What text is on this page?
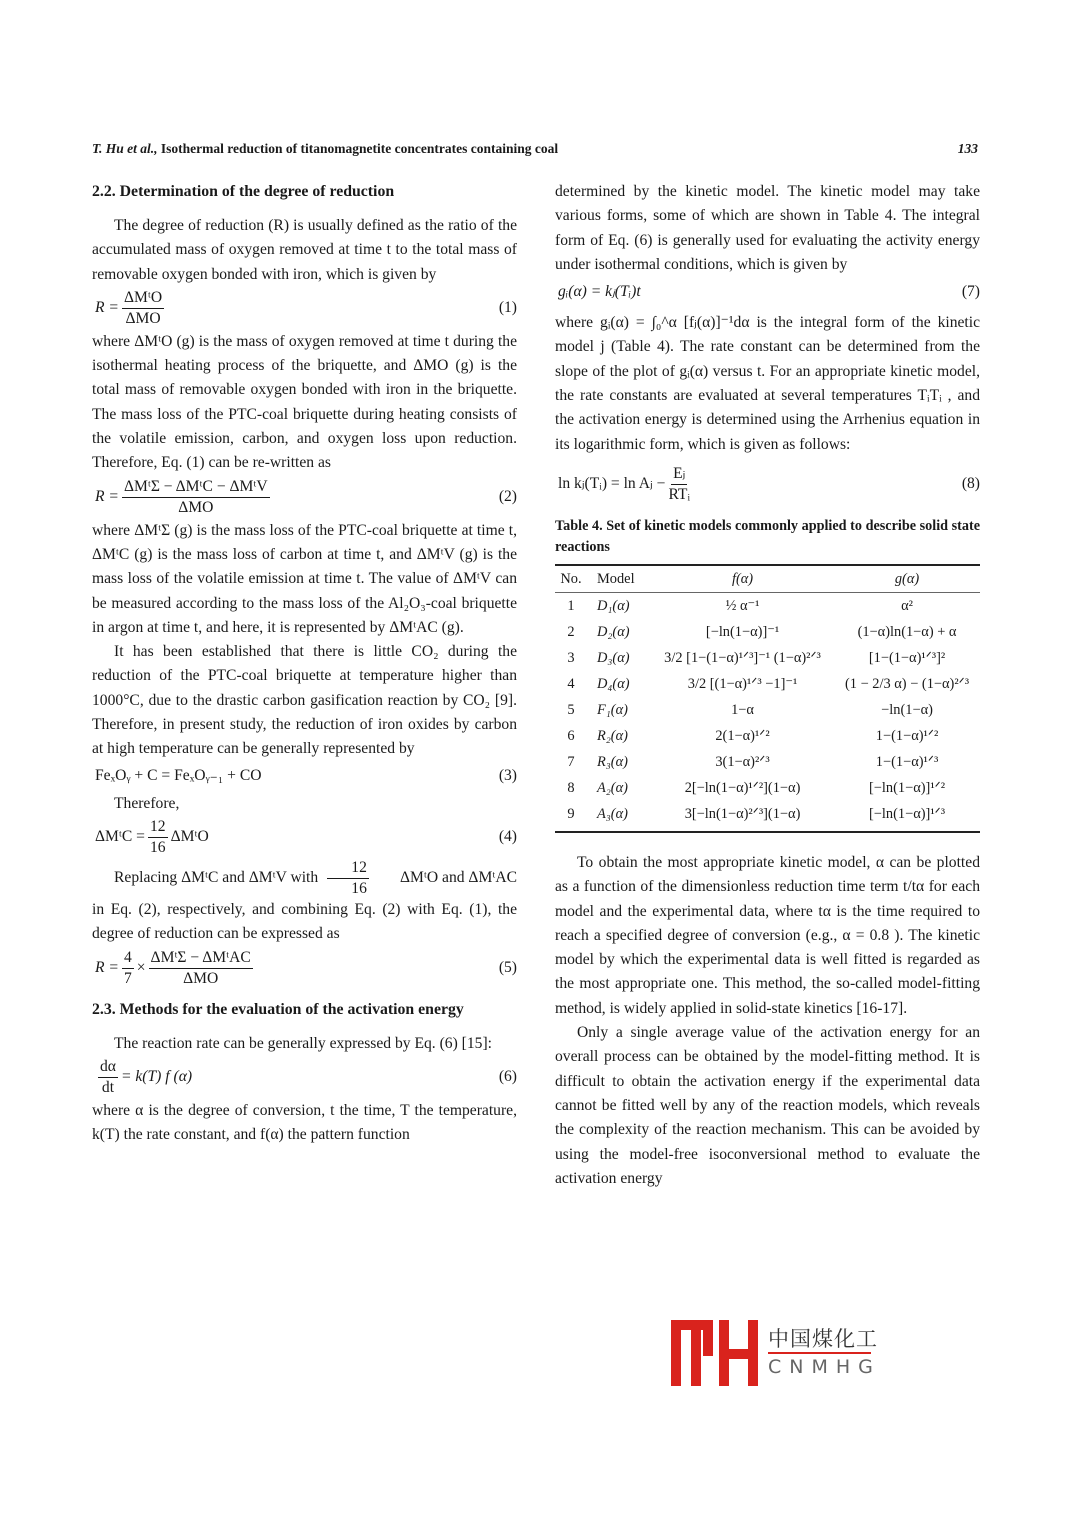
T. Hu et al., Isothermal reduction of titanomagnetite concentrates containing coal	133
2.2. Determination of the degree of reduction

The degree of reduction (R) is usually defined as the ratio of the accumulated mass of oxygen removed at time t to the total mass of removable oxygen bonded with iron, which is given by

$R = \frac{\text{ΔMᵗO}}{\text{ΔMO}}$	(1)

where ΔMᵗO (g) is the mass of oxygen removed at time t during the isothermal heating process of the briquette, and ΔMO (g) is the total mass of removable oxygen bonded with iron in the briquette. The mass loss of the PTC-coal briquette during heating consists of the volatile emission, carbon, and oxygen loss upon reduction. Therefore, Eq. (1) can be re-written as

$R = \frac{\text{ΔMᵗΣ − ΔMᵗC − ΔMᵗV}}{\text{ΔMO}}$	(2)

where ΔMᵗΣ (g) is the mass loss of the PTC-coal briquette at time t, ΔMᵗC (g) is the mass loss of carbon at time t, and ΔMᵗV (g) is the mass loss of the volatile emission at time t. The value of ΔMᵗV can be measured according to the mass loss of the Al₂O₃-coal briquette in argon at time t, and here, it is represented by ΔMᵗAC (g).

It has been established that there is little CO₂ during the reduction of the PTC-coal briquette at temperature higher than 1000°C, due to the drastic carbon gasification reaction by CO₂ [9]. Therefore, in present study, the reduction of iron oxides by carbon at high temperature can be generally represented by

FeₓOᵧ + C = FeₓOᵧ₋₁ + CO	(3)

Therefore,

ΔMᵗC = $\frac{12}{16}$ ΔMᵗO	(4)

Replacing ΔMᵗC and ΔMᵗV with $\frac{12}{16}$	ΔMᵗO and ΔMᵗAC

in Eq. (2), respectively, and combining Eq. (2) with Eq. (1), the degree of reduction can be expressed as

$R = \frac{4}{7} \times \frac{\text{ΔMᵗΣ − ΔMᵗAC}}{\text{ΔMO}}$	(5)
2.3. Methods for the evaluation of the activation energy

The reaction rate can be generally expressed by Eq. (6) [15]:

$\frac{d\alpha}{dt} = k(T)$ f (α)	(6)

where α is the degree of conversion, t the time, T the temperature, k(T) the rate constant, and f(α) the pattern function

determined by the kinetic model. The kinetic model may take various forms, some of which are shown in Table 4. The integral form of Eq. (6) is generally used for evaluating the activity energy under isothermal conditions, which is given by

gᵢ(α) = kⱼ(Tᵢ)t	(7)

where gᵢ(α) = ∫₀^α [fⱼ(α)]⁻¹dα is the integral form of the kinetic model j (Table 4). The rate constant can be determined from the slope of the plot of gᵢ(α) versus t. For an appropriate kinetic model, the rate constants are evaluated at several temperatures TᵢTᵢ , and the activation energy is determined using the Arrhenius equation in its logarithmic form, which is given as follows:

ln kⱼ(Tᵢ) = ln Aⱼ − $\frac{\text{Eⱼ}}{\text{RTᵢ}}$	(8)
Table 4. Set of kinetic models commonly applied to describe solid state reactions
No.	Model	f(α)	g(α)
1	D₁(α)	½ α⁻¹	α²
2	D₂(α)	[−ln(1−α)]⁻¹	(1−α)ln(1−α) + α
3	D₃(α)	3/2 [1−(1−α)¹ᐟ³]⁻¹ (1−α)²ᐟ³	[1−(1−α)¹ᐟ³]²
4	D₄(α)	3/2 [(1−α)¹ᐟ³ −1]⁻¹	(1 − 2/3 α) − (1−α)²ᐟ³
5	F₁(α)	1−α	−ln(1−α)
6	R₂(α)	2(1−α)¹ᐟ²	1−(1−α)¹ᐟ²
7	R₃(α)	3(1−α)²ᐟ³	1−(1−α)¹ᐟ³
8	A₂(α)	2[−ln(1−α)¹ᐟ²](1−α)	[−ln(1−α)]¹ᐟ²
9	A₃(α)	3[−ln(1−α)²ᐟ³](1−α)	[−ln(1−α)]¹ᐟ³

To obtain the most appropriate kinetic model, α can be plotted as a function of the dimensionless reduction time term t/tα for each model and the experimental data, where tα is the time required to reach a specified degree of conversion (e.g., α = 0.8 ). The kinetic model by which the experimental data is well fitted is regarded as the most appropriate one. This method, the so-called model-fitting method, is widely applied in solid-state kinetics [16-17].

Only a single average value of the activation energy for an overall process can be obtained by the model-fitting method. It is difficult to obtain the activation energy if the experimental data cannot be fitted well by any of the reaction models, which reveals the complexity of the reaction mechanism. This can be avoided by using the model-free isoconversional method to evaluate the activation energy

中国煤化工
CNMHG
